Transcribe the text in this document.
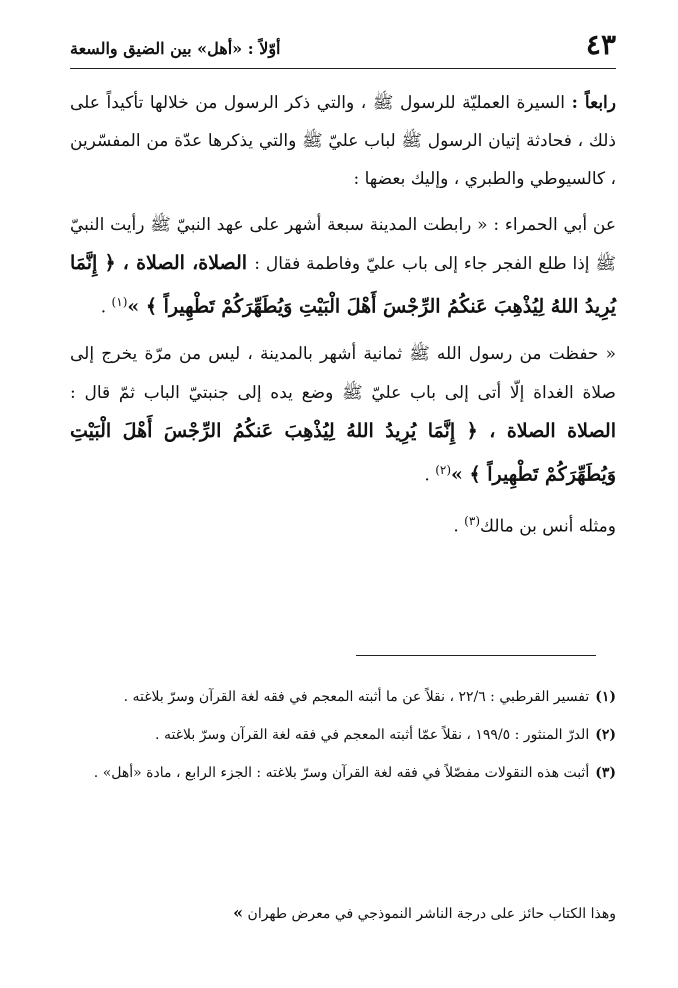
أوّلاً : «أهل» بين الضيق والسعة	٤٣

رابعاً : السيرة العمليّة للرسول ﷺ ، والتي ذكر الرسول من خلالها تأكيداً على ذلك ، فحادثة إتيان الرسول ﷺ لباب عليّ ﷺ والتي يذكرها عدّة من المفسّرين ، كالسيوطي والطبري ، وإليك بعضها :

عن أبي الحمراء : « رابطت المدينة سبعة أشهر على عهد النبيّ ﷺ رأيت النبيّ ﷺ إذا طلع الفجر جاء إلى باب عليّ وفاطمة فقال : الصلاة، الصلاة ، ﴿ إِنَّمَا يُرِيدُ اللهُ لِيُذْهِبَ عَنكُمُ الرِّجْسَ أَهْلَ الْبَيْتِ وَيُطَهِّرَكُمْ تَطْهِيراً ﴾ »$^{(١)}$ .

« حفظت من رسول الله ﷺ ثمانية أشهر بالمدينة ، ليس من مرّة يخرج إلى صلاة الغداة إلّا أتى إلى باب عليّ ﷺ وضع يده إلى جنبتيّ الباب ثمّ قال : الصلاة الصلاة ، ﴿ إِنَّمَا يُرِيدُ اللهُ لِيُذْهِبَ عَنكُمُ الرِّجْسَ أَهْلَ الْبَيْتِ وَيُطَهِّرَكُمْ تَطْهِيراً ﴾ »$^{(٢)}$ .

ومثله أنس بن مالك$^{(٣)}$ .

(١)
تفسير القرطبي : ٢٢/٦ ، نقلاً عن ما أثبته المعجم في فقه لغة القرآن وسرّ بلاغته .
(٢)
الدرّ المنثور : ١٩٩/٥ ، نقلاً عمّا أثبته المعجم في فقه لغة القرآن وسرّ بلاغته .
(٣)
أثبت هذه النقولات مفصّلاً في فقه لغة القرآن وسرّ بلاغته : الجزء الرابع ، مادة «أهل» .
وهذا الكتاب حائز على درجة الناشر النموذجي في معرض طهران »
